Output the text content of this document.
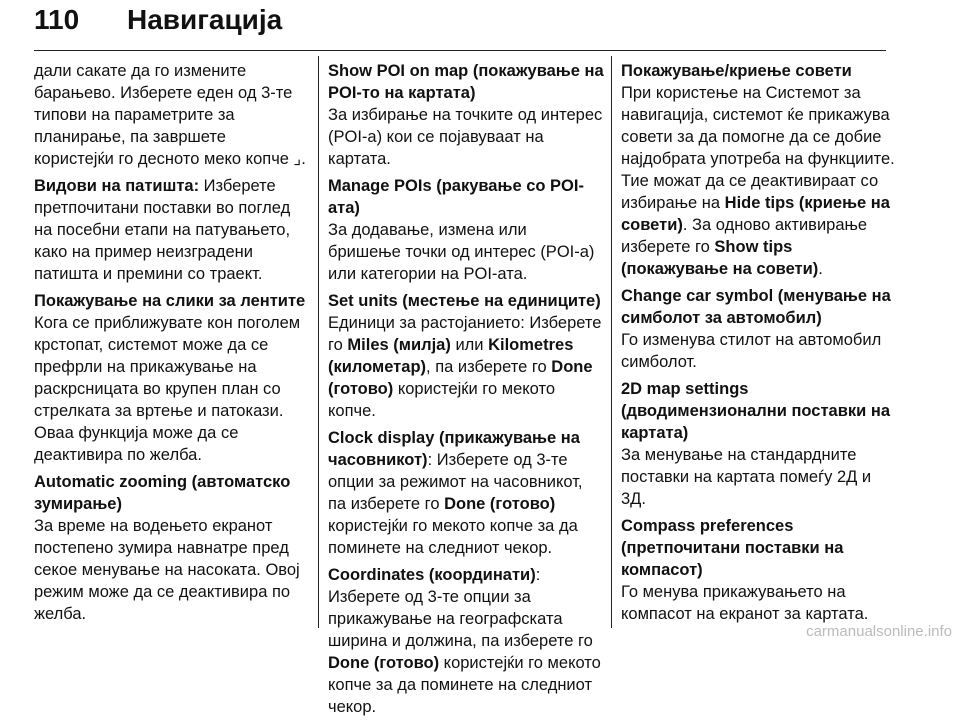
110 Навигација

дали сакате да го измените барањево. Изберете еден од 3-те типови на параметрите за планирање, па завршете користејќи го десното меко копче ⌟.

Видови на патишта: Изберете претпочитани поставки во поглед на посебни етапи на патувањето, како на пример неизградени патишта и премини со траект.

Покажување на слики за лентите
Кога се приближувате кон поголем крстопат, системот може да се префрли на прикажување на раскрсницата во крупен план со стрелката за вртење и патокази. Оваа функција може да се деактивира по желба.

Automatic zooming (автоматско зумирање)
За време на водењето екранот постепено зумира навнатре пред секое менување на насоката. Овој режим може да се деактивира по желба.

Show POI on map (покажување на POI-то на картата)
За избирање на точките од интерес (POI-а) кои се појавуваат на картата.

Manage POIs (ракување со POI-ата)
За додавање, измена или бришење точки од интерес (POI-а) или категории на POI-ата.

Set units (местење на единиците)
Единици за растојанието: Изберете го Miles (милја) или Kilometres (километар), па изберете го Done (готово) користејќи го мекото копче.

Clock display (прикажување на часовникот): Изберете од 3-те опции за режимот на часовникот, па изберете го Done (готово) користејќи го мекото копче за да поминете на следниот чекор.

Coordinates (координати): Изберете од 3-те опции за прикажување на географската ширина и должина, па изберете го Done (готово) користејќи го мекото копче за да поминете на следниот чекор.

Покажување/криење совети
При користење на Системот за навигација, системот ќе прикажува совети за да помогне да се добие најдобрата употреба на функциите. Тие можат да се деактивираат со избирање на Hide tips (криење на совети). За одново активирање изберете го Show tips (покажување на совети).

Change car symbol (менување на симболот за автомобил)
Го изменува стилот на автомобил симболот.

2D map settings (дводимензионални поставки на картата)
За менување на стандардните поставки на картата помеѓу 2Д и 3Д.

Compass preferences (претпочитани поставки на компасот)
Го менува прикажувањето на компасот на екранот за картата.

carmanualsonline.info
